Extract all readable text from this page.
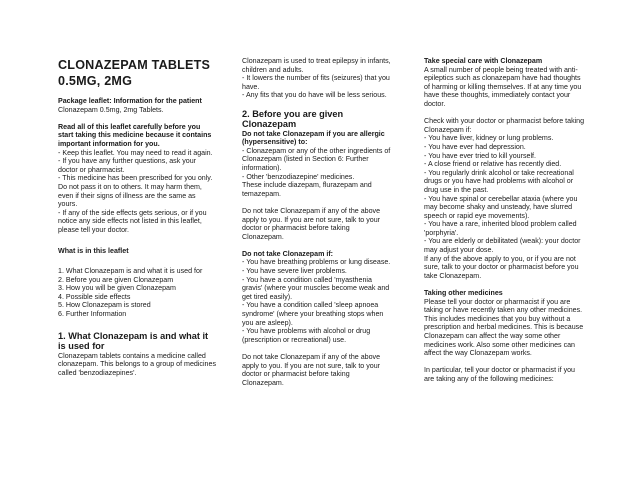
CLONAZEPAM TABLETS
0.5MG, 2MG
Package leaflet: Information for the patient
Clonazepam 0.5mg, 2mg Tablets.
Read all of this leaflet carefully before you start taking this medicine because it contains important information for you.
- Keep this leaflet. You may need to read it again.
- If you have any further questions, ask your doctor or pharmacist.
- This medicine has been prescribed for you only. Do not pass it on to others. It may harm them, even if their signs of illness are the same as yours.
- If any of the side effects gets serious, or if you notice any side effects not listed in this leaflet, please tell your doctor.
What is in this leaflet
1. What Clonazepam is and what it is used for
2. Before you are given Clonazepam
3. How you will be given Clonazepam
4. Possible side effects
5. How Clonazepam is stored
6. Further Information
1. What Clonazepam is and what it is used for
Clonazepam tablets contains a medicine called clonazepam. This belongs to a group of medicines called 'benzodiazepines'.
Clonazepam is used to treat epilepsy in infants, children and adults.
- It lowers the number of fits (seizures) that you have.
- Any fits that you do have will be less serious.
2. Before you are given Clonazepam
Do not take Clonazepam if you are allergic (hypersensitive) to:
- Clonazepam or any of the other ingredients of Clonazepam (listed in Section 6: Further information).
- Other 'benzodiazepine' medicines.
These include diazepam, flurazepam and temazepam.
Do not take Clonazepam if any of the above apply to you. If you are not sure, talk to your doctor or pharmacist before taking Clonazepam.
Do not take Clonazepam if:
- You have breathing problems or lung disease.
- You have severe liver problems.
- You have a condition called 'myasthenia gravis' (where your muscles become weak and get tired easily).
- You have a condition called 'sleep apnoea syndrome' (where your breathing stops when you are asleep).
- You have problems with alcohol or drug (prescription or recreational) use.
Do not take Clonazepam if any of the above apply to you. If you are not sure, talk to your doctor or pharmacist before taking Clonazepam.
Take special care with Clonazepam
A small number of people being treated with anti-epileptics such as clonazepam have had thoughts of harming or killing themselves. If at any time you have these thoughts, immediately contact your doctor.
Check with your doctor or pharmacist before taking Clonazepam if:
- You have liver, kidney or lung problems.
- You have ever had depression.
- You have ever tried to kill yourself.
- A close friend or relative has recently died.
- You regularly drink alcohol or take recreational drugs or you have had problems with alcohol or drug use in the past.
- You have spinal or cerebellar ataxia (where you may become shaky and unsteady, have slurred speech or rapid eye movements).
- You have a rare, inherited blood problem called 'porphyria'.
- You are elderly or debilitated (weak): your doctor may adjust your dose.
If any of the above apply to you, or if you are not sure, talk to your doctor or pharmacist before you take Clonazepam.
Taking other medicines
Please tell your doctor or pharmacist if you are taking or have recently taken any other medicines. This includes medicines that you buy without a prescription and herbal medicines. This is because Clonazepam can affect the way some other medicines work. Also some other medicines can affect the way Clonazepam works.
In particular, tell your doctor or pharmacist if you are taking any of the following medicines:
